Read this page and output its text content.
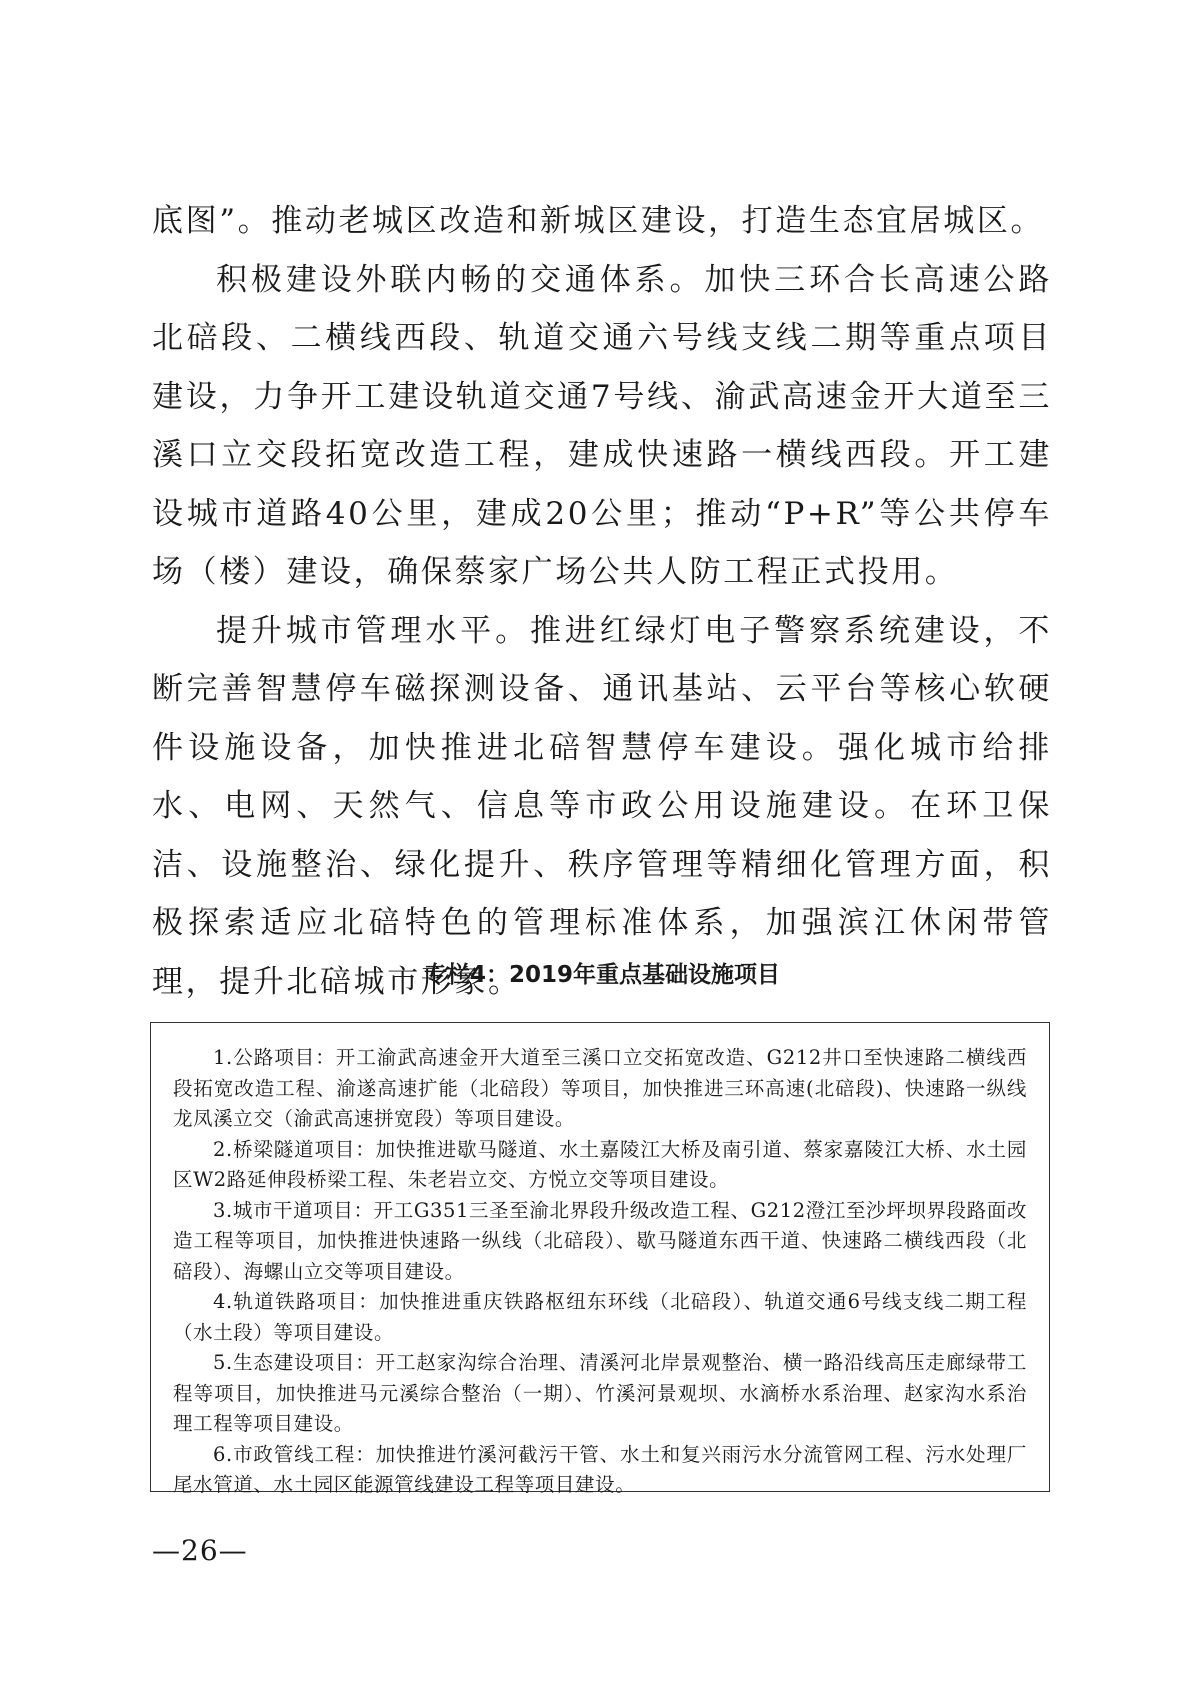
底图”。推动老城区改造和新城区建设，打造生态宜居城区。

积极建设外联内畅的交通体系。加快三环合长高速公路北碚段、二横线西段、轨道交通六号线支线二期等重点项目建设，力争开工建设轨道交通7号线、渝武高速金开大道至三溪口立交段拓宽改造工程，建成快速路一横线西段。开工建设城市道路40公里，建成20公里；推动“P+R”等公共停车场（楼）建设，确保蔡家广场公共人防工程正式投用。

提升城市管理水平。推进红绿灯电子警察系统建设，不断完善智慧停车磁探测设备、通讯基站、云平台等核心软硬件设施设备，加快推进北碚智慧停车建设。强化城市给排水、电网、天然气、信息等市政公用设施建设。在环卫保洁、设施整治、绿化提升、秩序管理等精细化管理方面，积极探索适应北碚特色的管理标准体系，加强滨江休闲带管理，提升北碚城市形象。

专栏4：2019年重点基础设施项目

1.公路项目：开工渝武高速金开大道至三溪口立交拓宽改造、G212井口至快速路二横线西段拓宽改造工程、渝遂高速扩能（北碚段）等项目，加快推进三环高速(北碚段)、快速路一纵线龙凤溪立交（渝武高速拼宽段）等项目建设。

2.桥梁隧道项目：加快推进歇马隧道、水土嘉陵江大桥及南引道、蔡家嘉陵江大桥、水土园区W2路延伸段桥梁工程、朱老岩立交、方悦立交等项目建设。

3.城市干道项目：开工G351三圣至渝北界段升级改造工程、G212澄江至沙坪坝界段路面改造工程等项目，加快推进快速路一纵线（北碚段）、歇马隧道东西干道、快速路二横线西段（北碚段）、海螺山立交等项目建设。

4.轨道铁路项目：加快推进重庆铁路枢纽东环线（北碚段）、轨道交通6号线支线二期工程（水土段）等项目建设。

5.生态建设项目：开工赵家沟综合治理、清溪河北岸景观整治、横一路沿线高压走廊绿带工程等项目，加快推进马元溪综合整治（一期）、竹溪河景观坝、水滴桥水系治理、赵家沟水系治理工程等项目建设。

6.市政管线工程：加快推进竹溪河截污干管、水土和复兴雨污水分流管网工程、污水处理厂尾水管道、水土园区能源管线建设工程等项目建设。

—26—
